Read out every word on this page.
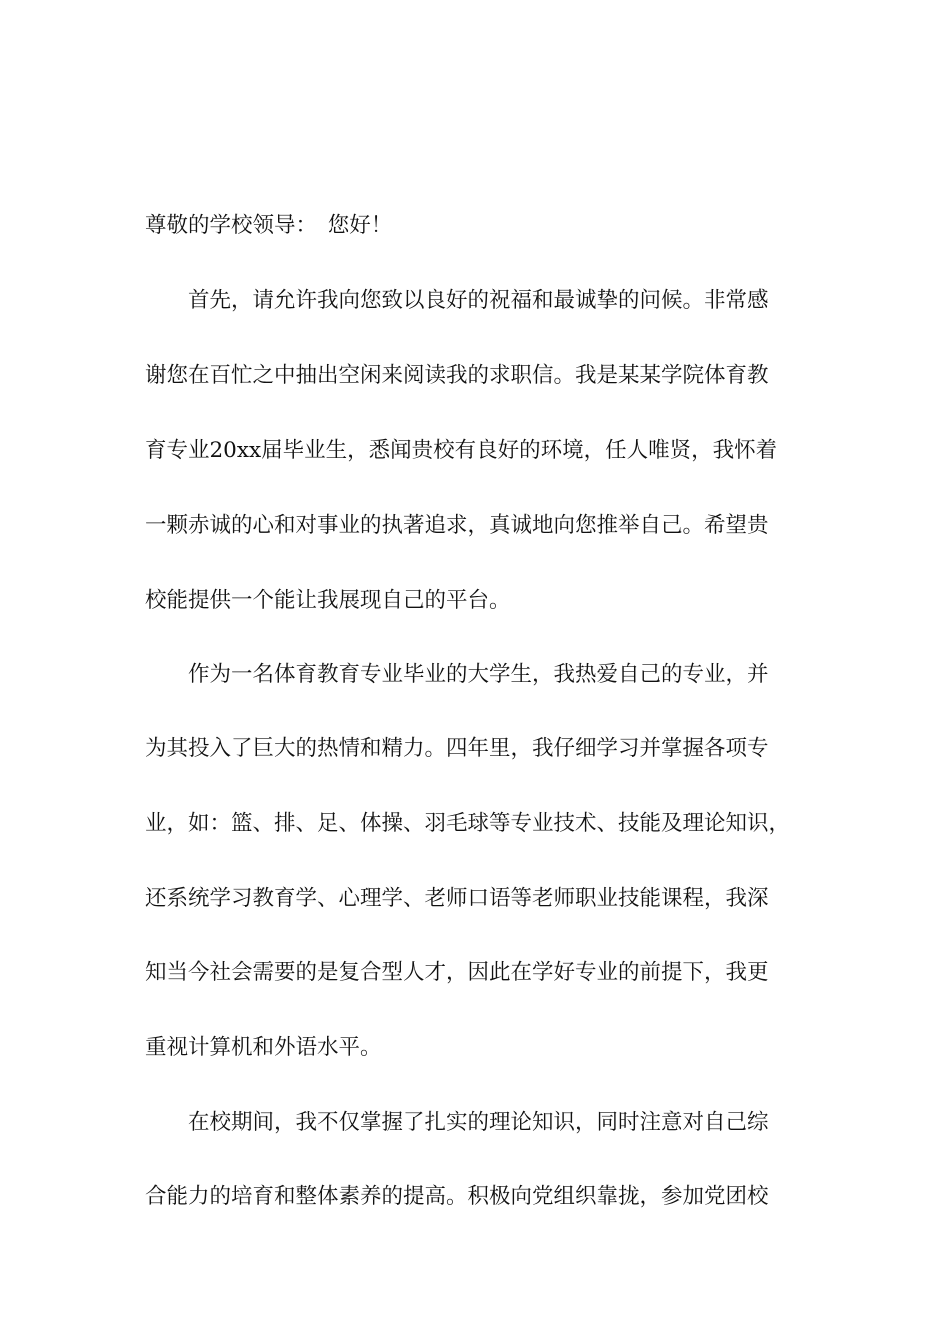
尊敬的学校领导：　您好！
首先，请允许我向您致以良好的祝福和最诚挚的问候。非常感
谢您在百忙之中抽出空闲来阅读我的求职信。我是某某学院体育教
育专业20xx届毕业生，悉闻贵校有良好的环境，任人唯贤，我怀着
一颗赤诚的心和对事业的执著追求，真诚地向您推举自己。希望贵
校能提供一个能让我展现自己的平台。
作为一名体育教育专业毕业的大学生，我热爱自己的专业，并
为其投入了巨大的热情和精力。四年里，我仔细学习并掌握各项专
业，如：篮、排、足、体操、羽毛球等专业技术、技能及理论知识，
还系统学习教育学、心理学、老师口语等老师职业技能课程，我深
知当今社会需要的是复合型人才，因此在学好专业的前提下，我更
重视计算机和外语水平。
在校期间，我不仅掌握了扎实的理论知识，同时注意对自己综
合能力的培育和整体素养的提高。积极向党组织靠拢，参加党团校
